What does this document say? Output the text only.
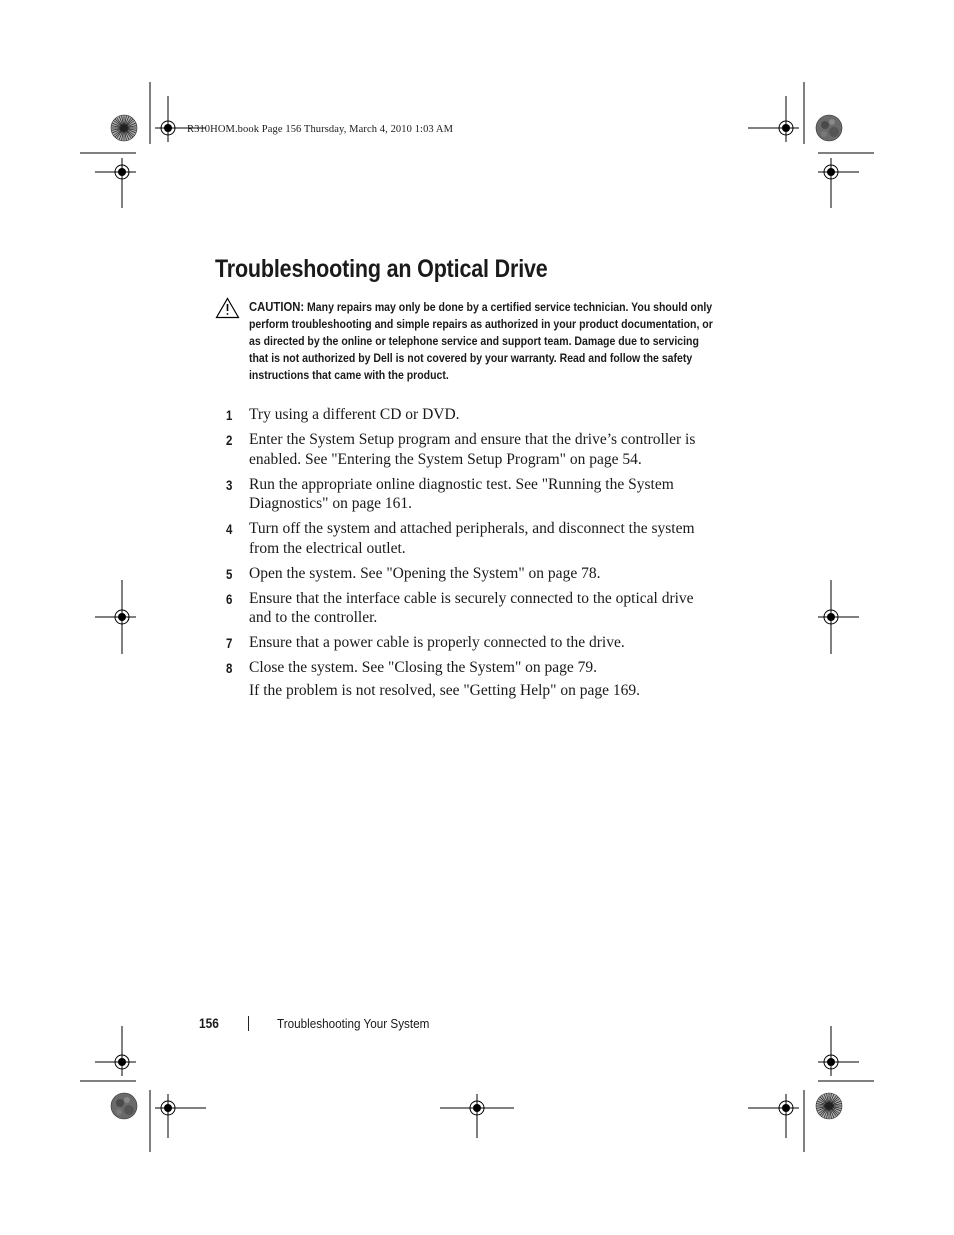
R310HOM.book Page 156 Thursday, March 4, 2010 1:03 AM
Troubleshooting an Optical Drive
CAUTION: Many repairs may only be done by a certified service technician. You should only perform troubleshooting and simple repairs as authorized in your product documentation, or as directed by the online or telephone service and support team. Damage due to servicing that is not authorized by Dell is not covered by your warranty. Read and follow the safety instructions that came with the product.
1 Try using a different CD or DVD.
2 Enter the System Setup program and ensure that the drive’s controller is enabled. See "Entering the System Setup Program" on page 54.
3 Run the appropriate online diagnostic test. See "Running the System Diagnostics" on page 161.
4 Turn off the system and attached peripherals, and disconnect the system from the electrical outlet.
5 Open the system. See "Opening the System" on page 78.
6 Ensure that the interface cable is securely connected to the optical drive and to the controller.
7 Ensure that a power cable is properly connected to the drive.
8 Close the system. See "Closing the System" on page 79.
If the problem is not resolved, see "Getting Help" on page 169.
156	Troubleshooting Your System
